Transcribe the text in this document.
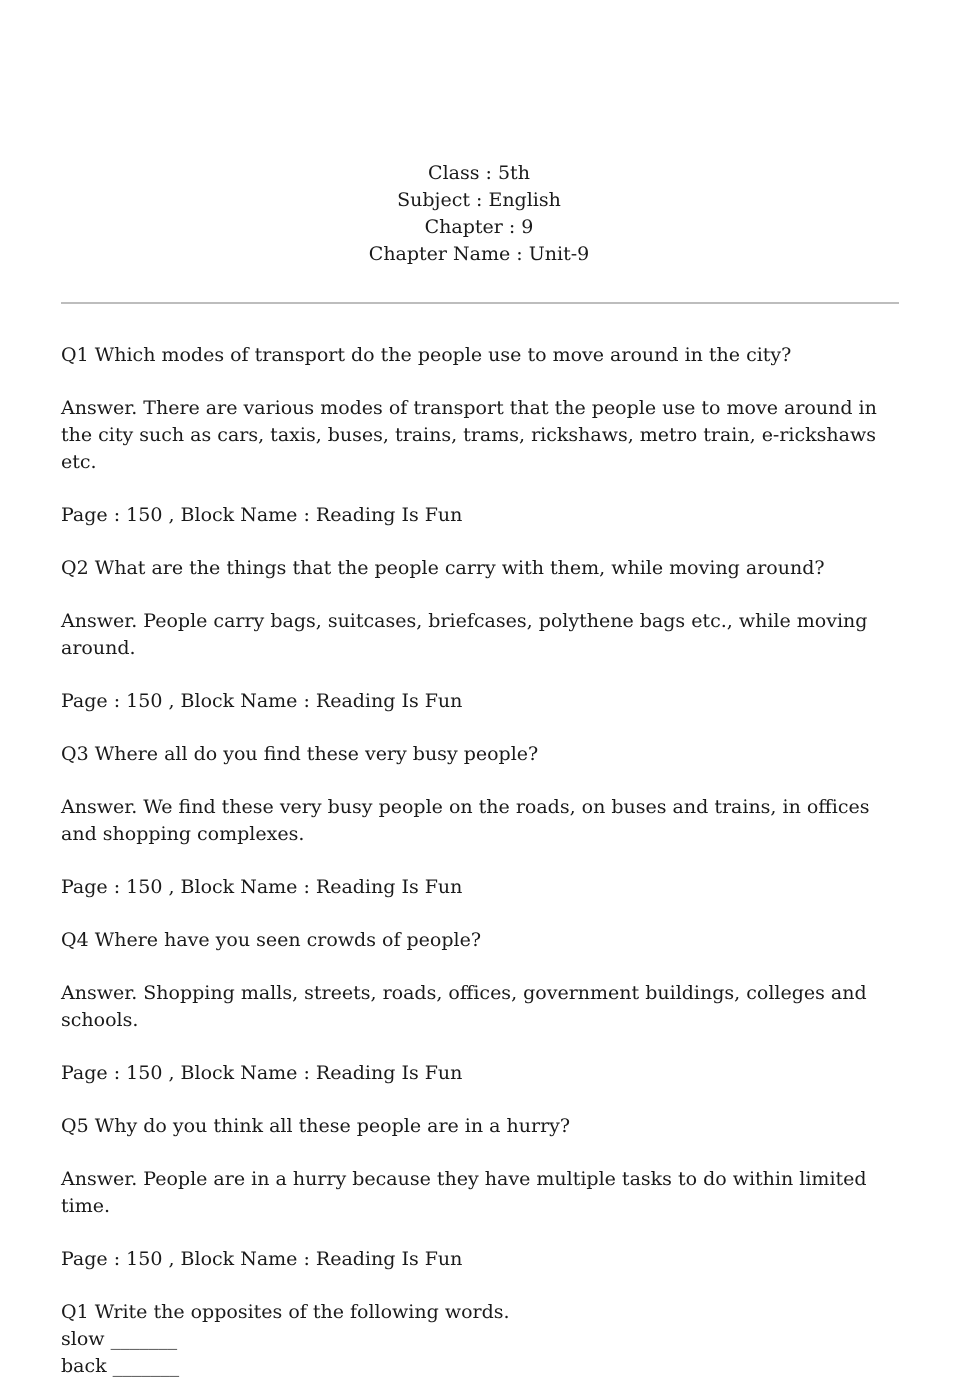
Class : 5th
Subject : English
Chapter : 9
Chapter Name : Unit-9

Q1 Which modes of transport do the people use to move around in the city?

Answer. There are various modes of transport that the people use to move around in the city such as cars, taxis, buses, trains, trams, rickshaws, metro train, e-rickshaws etc.

Page : 150 , Block Name : Reading Is Fun

Q2 What are the things that the people carry with them, while moving around?

Answer. People carry bags, suitcases, briefcases, polythene bags etc., while moving around.

Page : 150 , Block Name : Reading Is Fun

Q3 Where all do you find these very busy people?

Answer. We find these very busy people on the roads, on buses and trains, in offices and shopping complexes.

Page : 150 , Block Name : Reading Is Fun

Q4 Where have you seen crowds of people?

Answer. Shopping malls, streets, roads, offices, government buildings, colleges and schools.

Page : 150 , Block Name : Reading Is Fun

Q5 Why do you think all these people are in a hurry?

Answer. People are in a hurry because they have multiple tasks to do within limited time.

Page : 150 , Block Name : Reading Is Fun

Q1 Write the opposites of the following words.

slow _______

back _______
